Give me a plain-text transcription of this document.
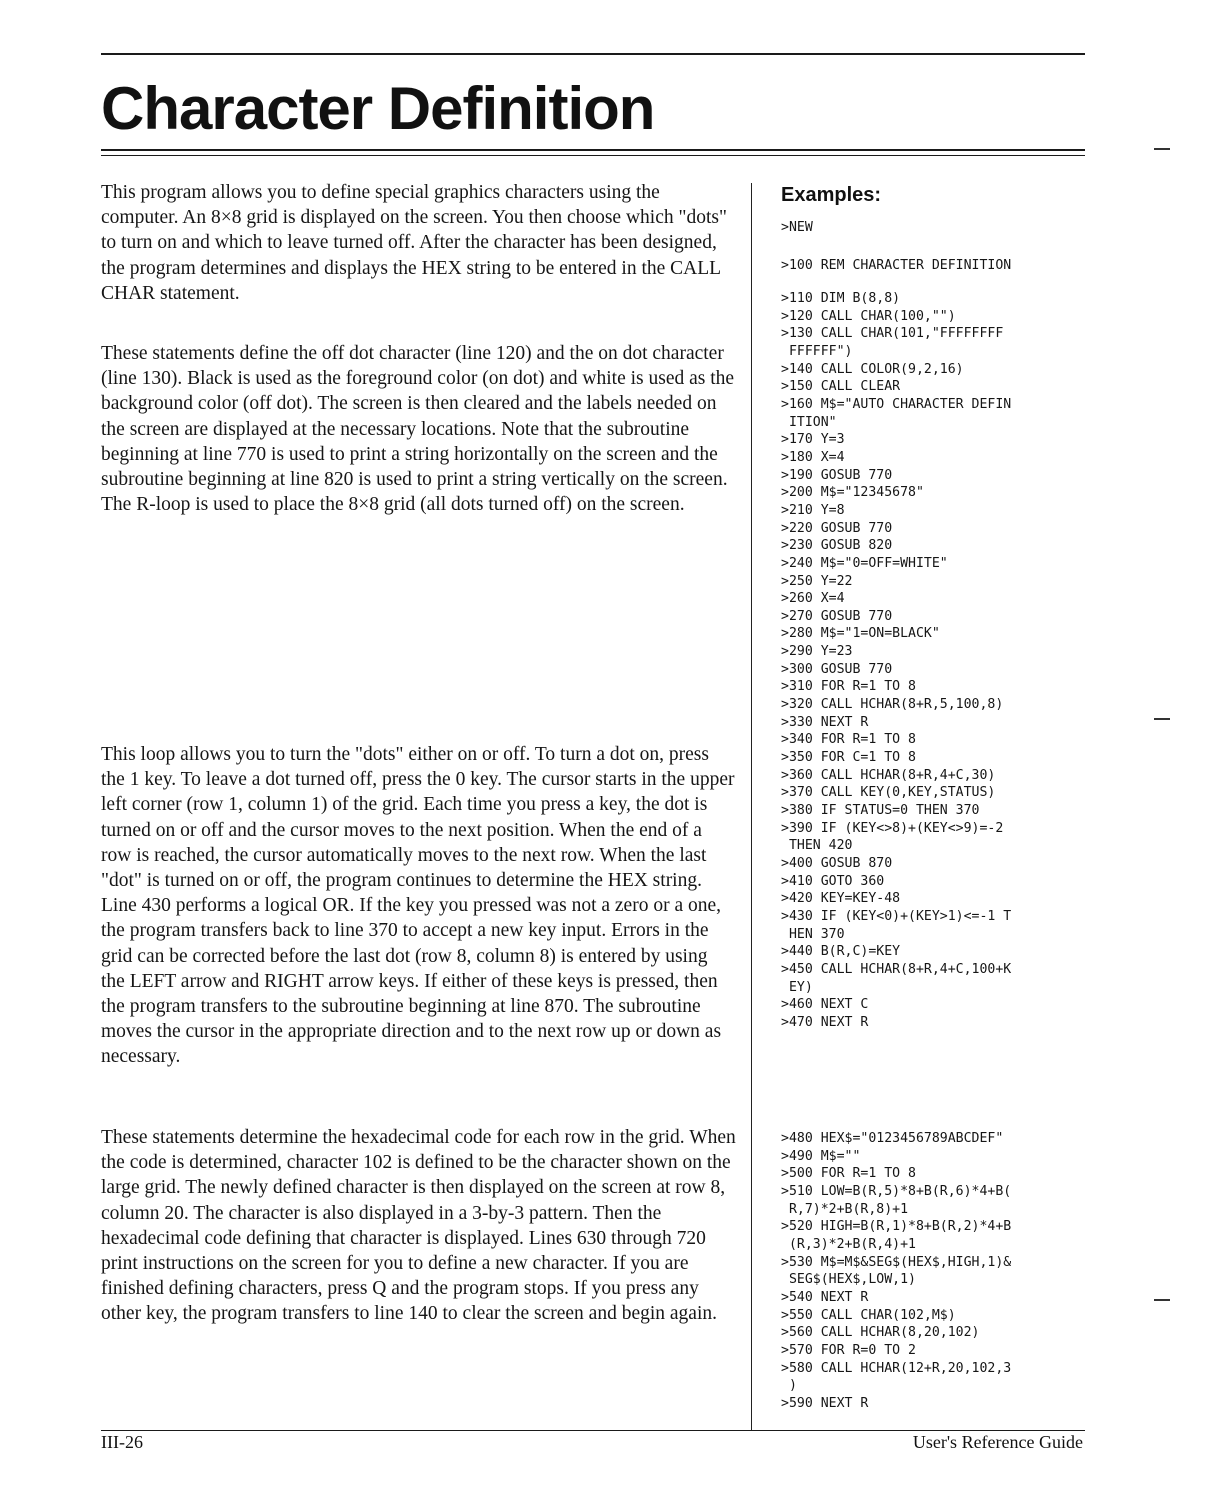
Character Definition

This program allows you to define special graphics characters using the computer. An 8×8 grid is displayed on the screen. You then choose which "dots" to turn on and which to leave turned off. After the character has been designed, the program determines and displays the HEX string to be entered in the CALL CHAR statement.

These statements define the off dot character (line 120) and the on dot character (line 130). Black is used as the foreground color (on dot) and white is used as the background color (off dot). The screen is then cleared and the labels needed on the screen are displayed at the necessary locations. Note that the subroutine beginning at line 770 is used to print a string horizontally on the screen and the subroutine beginning at line 820 is used to print a string vertically on the screen. The R-loop is used to place the 8×8 grid (all dots turned off) on the screen.

This loop allows you to turn the "dots" either on or off. To turn a dot on, press the 1 key. To leave a dot turned off, press the 0 key. The cursor starts in the upper left corner (row 1, column 1) of the grid. Each time you press a key, the dot is turned on or off and the cursor moves to the next position. When the end of a row is reached, the cursor automatically moves to the next row. When the last "dot" is turned on or off, the program continues to determine the HEX string. Line 430 performs a logical OR. If the key you pressed was not a zero or a one, the program transfers back to line 370 to accept a new key input. Errors in the grid can be corrected before the last dot (row 8, column 8) is entered by using the LEFT arrow and RIGHT arrow keys. If either of these keys is pressed, then the program transfers to the subroutine beginning at line 870. The subroutine moves the cursor in the appropriate direction and to the next row up or down as necessary.

These statements determine the hexadecimal code for each row in the grid. When the code is determined, character 102 is defined to be the character shown on the large grid. The newly defined character is then displayed on the screen at row 8, column 20. The character is also displayed in a 3-by-3 pattern. Then the hexadecimal code defining that character is displayed. Lines 630 through 720 print instructions on the screen for you to define a new character. If you are finished defining characters, press Q and the program stops. If you press any other key, the program transfers to line 140 to clear the screen and begin again.

Examples:
>NEW
>100 REM CHARACTER DEFINITION
>110 DIM B(8,8)
>120 CALL CHAR(100,"")
>130 CALL CHAR(101,"FFFFFFFF
FFFFFF")
>140 CALL COLOR(9,2,16)
>150 CALL CLEAR
>160 M$="AUTO CHARACTER DEFIN
ITION"
>170 Y=3
>180 X=4
>190 GOSUB 770
>200 M$="12345678"
>210 Y=8
>220 GOSUB 770
>230 GOSUB 820
>240 M$="0=OFF=WHITE"
>250 Y=22
>260 X=4
>270 GOSUB 770
>280 M$="1=ON=BLACK"
>290 Y=23
>300 GOSUB 770
>310 FOR R=1 TO 8
>320 CALL HCHAR(8+R,5,100,8)
>330 NEXT R
>340 FOR R=1 TO 8
>350 FOR C=1 TO 8
>360 CALL HCHAR(8+R,4+C,30)
>370 CALL KEY(0,KEY,STATUS)
>380 IF STATUS=0 THEN 370
>390 IF (KEY<>8)+(KEY<>9)=-2
THEN 420
>400 GOSUB 870
>410 GOTO 360
>420 KEY=KEY-48
>430 IF (KEY<0)+(KEY>1)<=-1 T
HEN 370
>440 B(R,C)=KEY
>450 CALL HCHAR(8+R,4+C,100+K
EY)
>460 NEXT C
>470 NEXT R
>480 HEX$="0123456789ABCDEF"
>490 M$=""
>500 FOR R=1 TO 8
>510 LOW=B(R,5)*8+B(R,6)*4+B(
R,7)*2+B(R,8)+1
>520 HIGH=B(R,1)*8+B(R,2)*4+B
(R,3)*2+B(R,4)+1
>530 M$=M$&SEG$(HEX$,HIGH,1)&
SEG$(HEX$,LOW,1)
>540 NEXT R
>550 CALL CHAR(102,M$)
>560 CALL HCHAR(8,20,102)
>570 FOR R=0 TO 2
>580 CALL HCHAR(12+R,20,102,3
)
>590 NEXT R

III-26	User's Reference Guide
